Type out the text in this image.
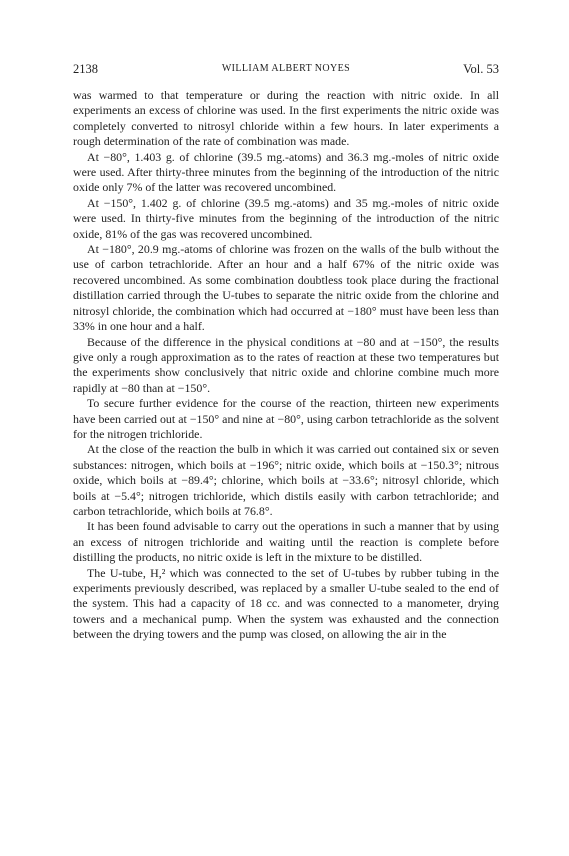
2138	WILLIAM ALBERT NOYES	Vol. 53

was warmed to that temperature or during the reaction with nitric oxide. In all experiments an excess of chlorine was used. In the first experiments the nitric oxide was completely converted to nitrosyl chloride within a few hours. In later experiments a rough determination of the rate of combination was made.

At −80°, 1.403 g. of chlorine (39.5 mg.-atoms) and 36.3 mg.-moles of nitric oxide were used. After thirty-three minutes from the beginning of the introduction of the nitric oxide only 7% of the latter was recovered uncombined.

At −150°, 1.402 g. of chlorine (39.5 mg.-atoms) and 35 mg.-moles of nitric oxide were used. In thirty-five minutes from the beginning of the introduction of the nitric oxide, 81% of the gas was recovered uncombined.

At −180°, 20.9 mg.-atoms of chlorine was frozen on the walls of the bulb without the use of carbon tetrachloride. After an hour and a half 67% of the nitric oxide was recovered uncombined. As some combination doubtless took place during the fractional distillation carried through the U-tubes to separate the nitric oxide from the chlorine and nitrosyl chloride, the combination which had occurred at −180° must have been less than 33% in one hour and a half.

Because of the difference in the physical conditions at −80 and at −150°, the results give only a rough approximation as to the rates of reaction at these two temperatures but the experiments show conclusively that nitric oxide and chlorine combine much more rapidly at −80 than at −150°.

To secure further evidence for the course of the reaction, thirteen new experiments have been carried out at −150° and nine at −80°, using carbon tetrachloride as the solvent for the nitrogen trichloride.

At the close of the reaction the bulb in which it was carried out contained six or seven substances: nitrogen, which boils at −196°; nitric oxide, which boils at −150.3°; nitrous oxide, which boils at −89.4°; chlorine, which boils at −33.6°; nitrosyl chloride, which boils at −5.4°; nitrogen trichloride, which distils easily with carbon tetrachloride; and carbon tetrachloride, which boils at 76.8°.

It has been found advisable to carry out the operations in such a manner that by using an excess of nitrogen trichloride and waiting until the reaction is complete before distilling the products, no nitric oxide is left in the mixture to be distilled.

The U-tube, H,² which was connected to the set of U-tubes by rubber tubing in the experiments previously described, was replaced by a smaller U-tube sealed to the end of the system. This had a capacity of 18 cc. and was connected to a manometer, drying towers and a mechanical pump. When the system was exhausted and the connection between the drying towers and the pump was closed, on allowing the air in the
